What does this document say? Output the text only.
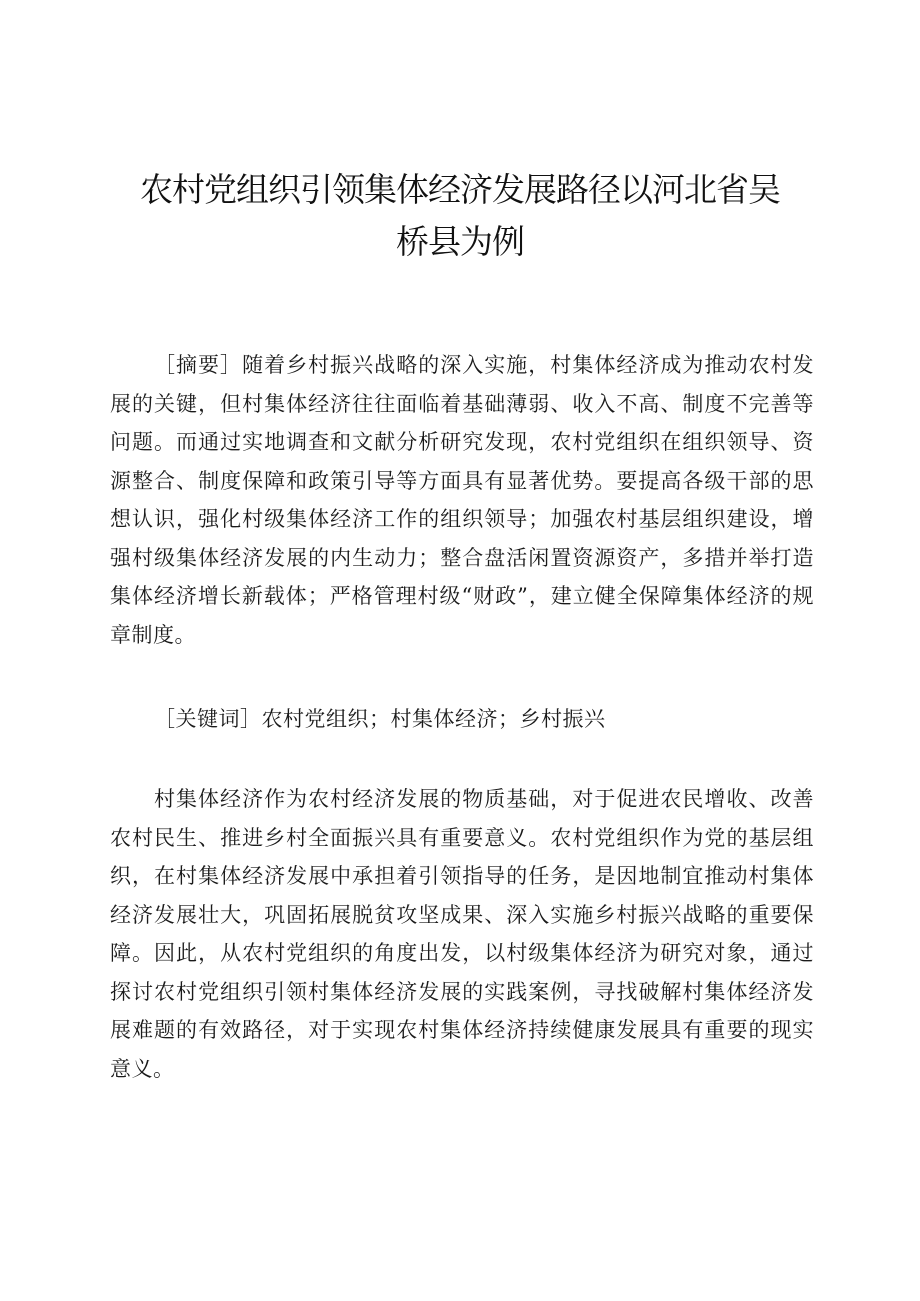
农村党组织引领集体经济发展路径以河北省吴
桥县为例

［摘要］随着乡村振兴战略的深入实施，村集体经济成为推动农村发展的关键，但村集体经济往往面临着基础薄弱、收入不高、制度不完善等问题。而通过实地调查和文献分析研究发现，农村党组织在组织领导、资源整合、制度保障和政策引导等方面具有显著优势。要提高各级干部的思想认识，强化村级集体经济工作的组织领导；加强农村基层组织建设，增强村级集体经济发展的内生动力；整合盘活闲置资源资产，多措并举打造集体经济增长新载体；严格管理村级“财政”，建立健全保障集体经济的规章制度。

［关键词］农村党组织；村集体经济；乡村振兴

村集体经济作为农村经济发展的物质基础，对于促进农民增收、改善农村民生、推进乡村全面振兴具有重要意义。农村党组织作为党的基层组织，在村集体经济发展中承担着引领指导的任务，是因地制宜推动村集体经济发展壮大，巩固拓展脱贫攻坚成果、深入实施乡村振兴战略的重要保障。因此，从农村党组织的角度出发，以村级集体经济为研究对象，通过探讨农村党组织引领村集体经济发展的实践案例，寻找破解村集体经济发展难题的有效路径，对于实现农村集体经济持续健康发展具有重要的现实意义。
